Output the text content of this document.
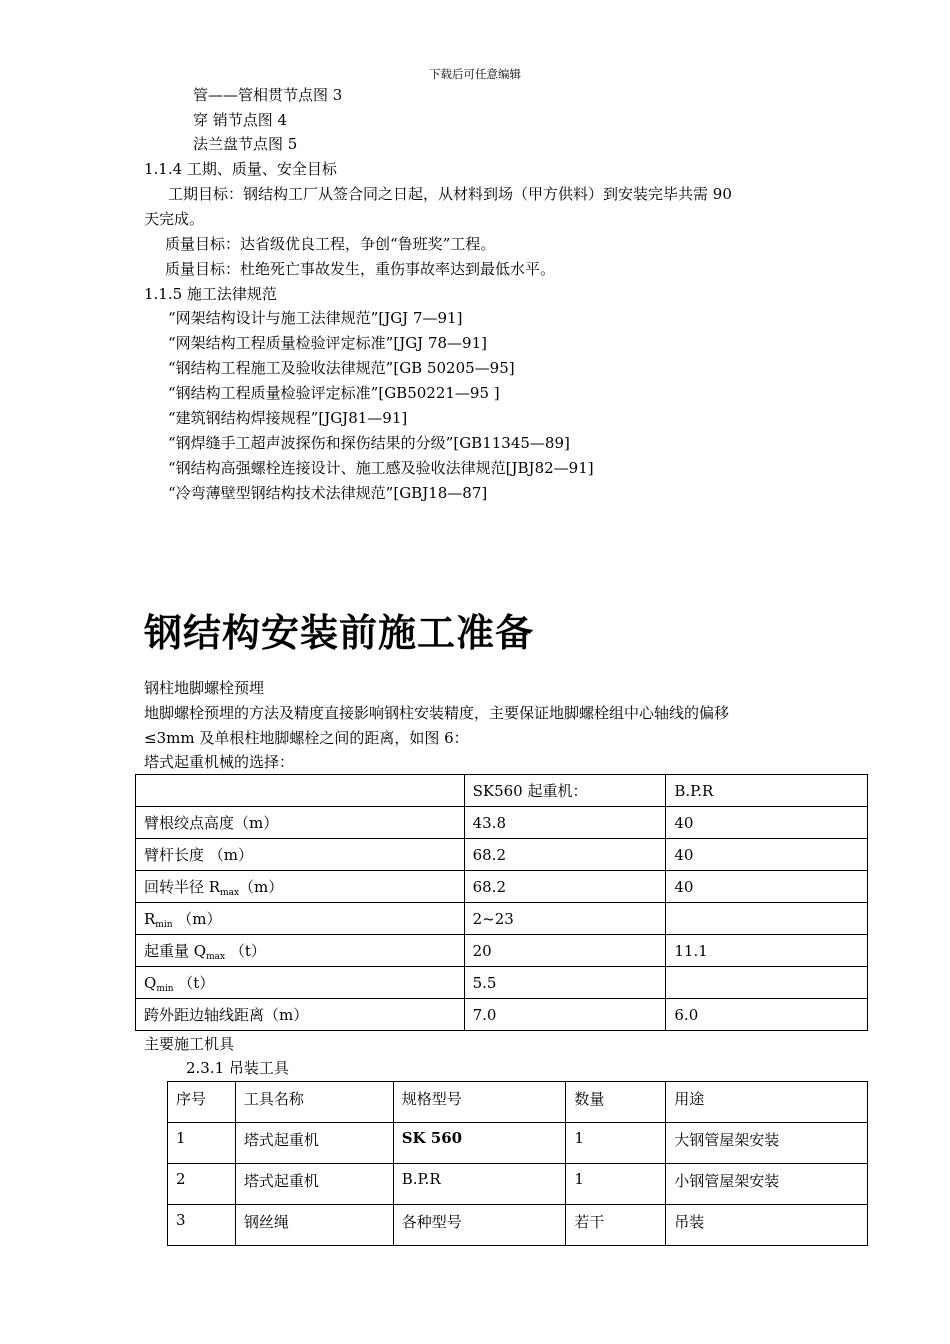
下载后可任意编辑
管——管相贯节点图 3
穿 销节点图 4
法兰盘节点图 5
1.1.4 工期、质量、安全目标
工期目标：钢结构工厂从签合同之日起，从材料到场（甲方供料）到安装完毕共需 90
天完成。
质量目标：达省级优良工程，争创“鲁班奖”工程。
质量目标：杜绝死亡事故发生，重伤事故率达到最低水平。
1.1.5 施工法律规范
“网架结构设计与施工法律规范”[JGJ 7—91]
“网架结构工程质量检验评定标准”[JGJ 78—91]
“钢结构工程施工及验收法律规范”[GB 50205—95]
“钢结构工程质量检验评定标准”[GB50221—95 ]
“建筑钢结构焊接规程”[JGJ81—91]
“钢焊缝手工超声波探伤和探伤结果的分级”[GB11345—89]
“钢结构高强螺栓连接设计、施工感及验收法律规范[JBJ82—91]
“冷弯薄壁型钢结构技术法律规范”[GBJ18—87]
钢结构安装前施工准备
钢柱地脚螺栓预埋
地脚螺栓预埋的方法及精度直接影响钢柱安装精度，主要保证地脚螺栓组中心轴线的偏移
≤3mm 及单根柱地脚螺栓之间的距离，如图 6：
塔式起重机械的选择：
	SK560 起重机：	B.P.R
臂根绞点高度（m）	43.8	40
臂杆长度 （m）	68.2	40
回转半径 $R_{max}(m)$	68.2	40
$R_{min}$ （m）	2~23	
起重量 $Q_{max}$ （t）	20	11.1
$Q_{min}$ （t）	5.5	
跨外距边轴线距离（m）	7.0	6.0
主要施工机具
2.3.1 吊装工具
序号	工具名称	规格型号	数量	用途
1	塔式起重机	SK 560	1	大钢管屋架安装
2	塔式起重机	B.P.R	1	小钢管屋架安装
3	钢丝绳	各种型号	若干	吊装
